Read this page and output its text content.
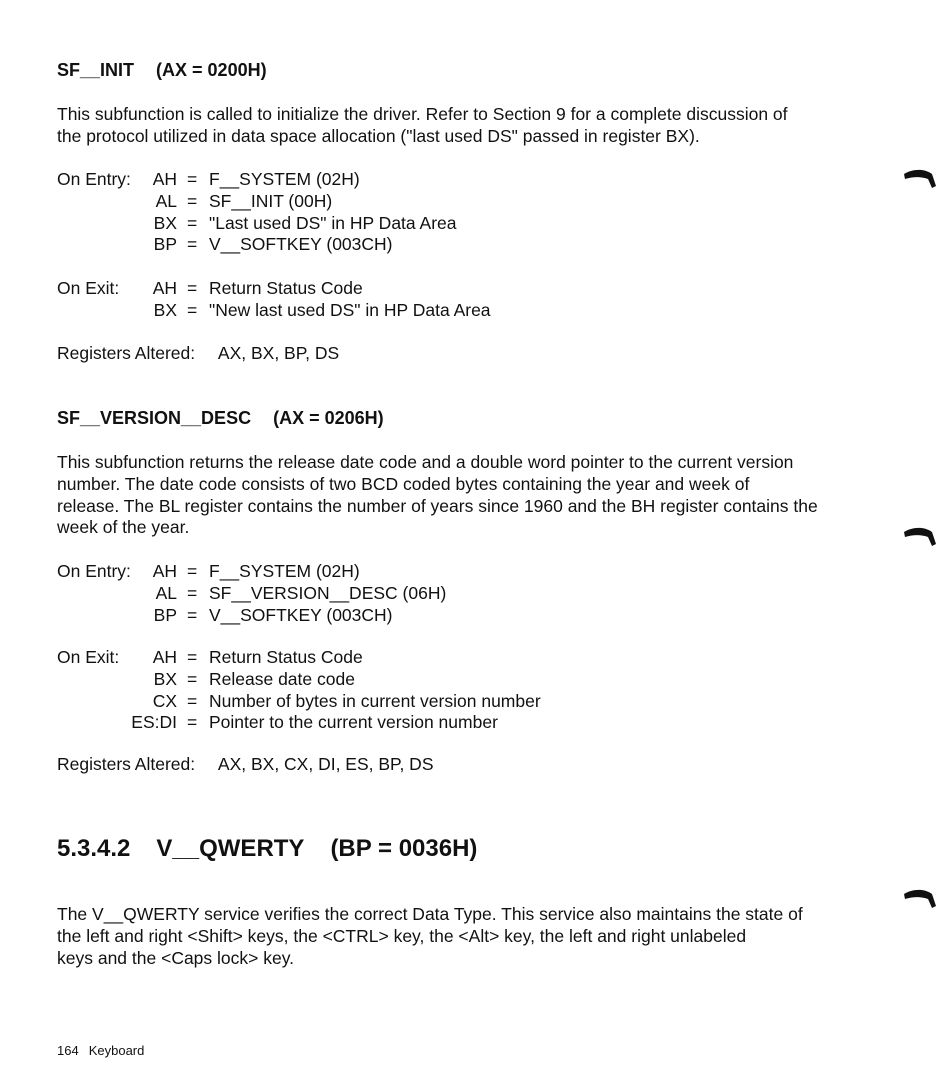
SF__INIT (AX = 0200H)
This subfunction is called to initialize the driver. Refer to Section 9 for a complete discussion of
the protocol utilized in data space allocation ("last used DS" passed in register BX).
On Entry: AH = F__SYSTEM (02H)
AL = SF__INIT (00H)
BX = "Last used DS" in HP Data Area
BP = V__SOFTKEY (003CH)
On Exit: AH = Return Status Code
BX = "New last used DS" in HP Data Area
Registers Altered: AX, BX, BP, DS
SF__VERSION__DESC (AX = 0206H)
This subfunction returns the release date code and a double word pointer to the current version
number. The date code consists of two BCD coded bytes containing the year and week of
release. The BL register contains the number of years since 1960 and the BH register contains the
week of the year.
On Entry: AH = F__SYSTEM (02H)
AL = SF__VERSION__DESC (06H)
BP = V__SOFTKEY (003CH)
On Exit: AH = Return Status Code
BX = Release date code
CX = Number of bytes in current version number
ES:DI = Pointer to the current version number
Registers Altered: AX, BX, CX, DI, ES, BP, DS
5.3.4.2 V__QWERTY (BP = 0036H)
The V__QWERTY service verifies the correct Data Type. This service also maintains the state of
the left and right <Shift> keys, the <CTRL> key, the <Alt> key, the left and right unlabeled
keys and the <Caps lock> key.
164 Keyboard
